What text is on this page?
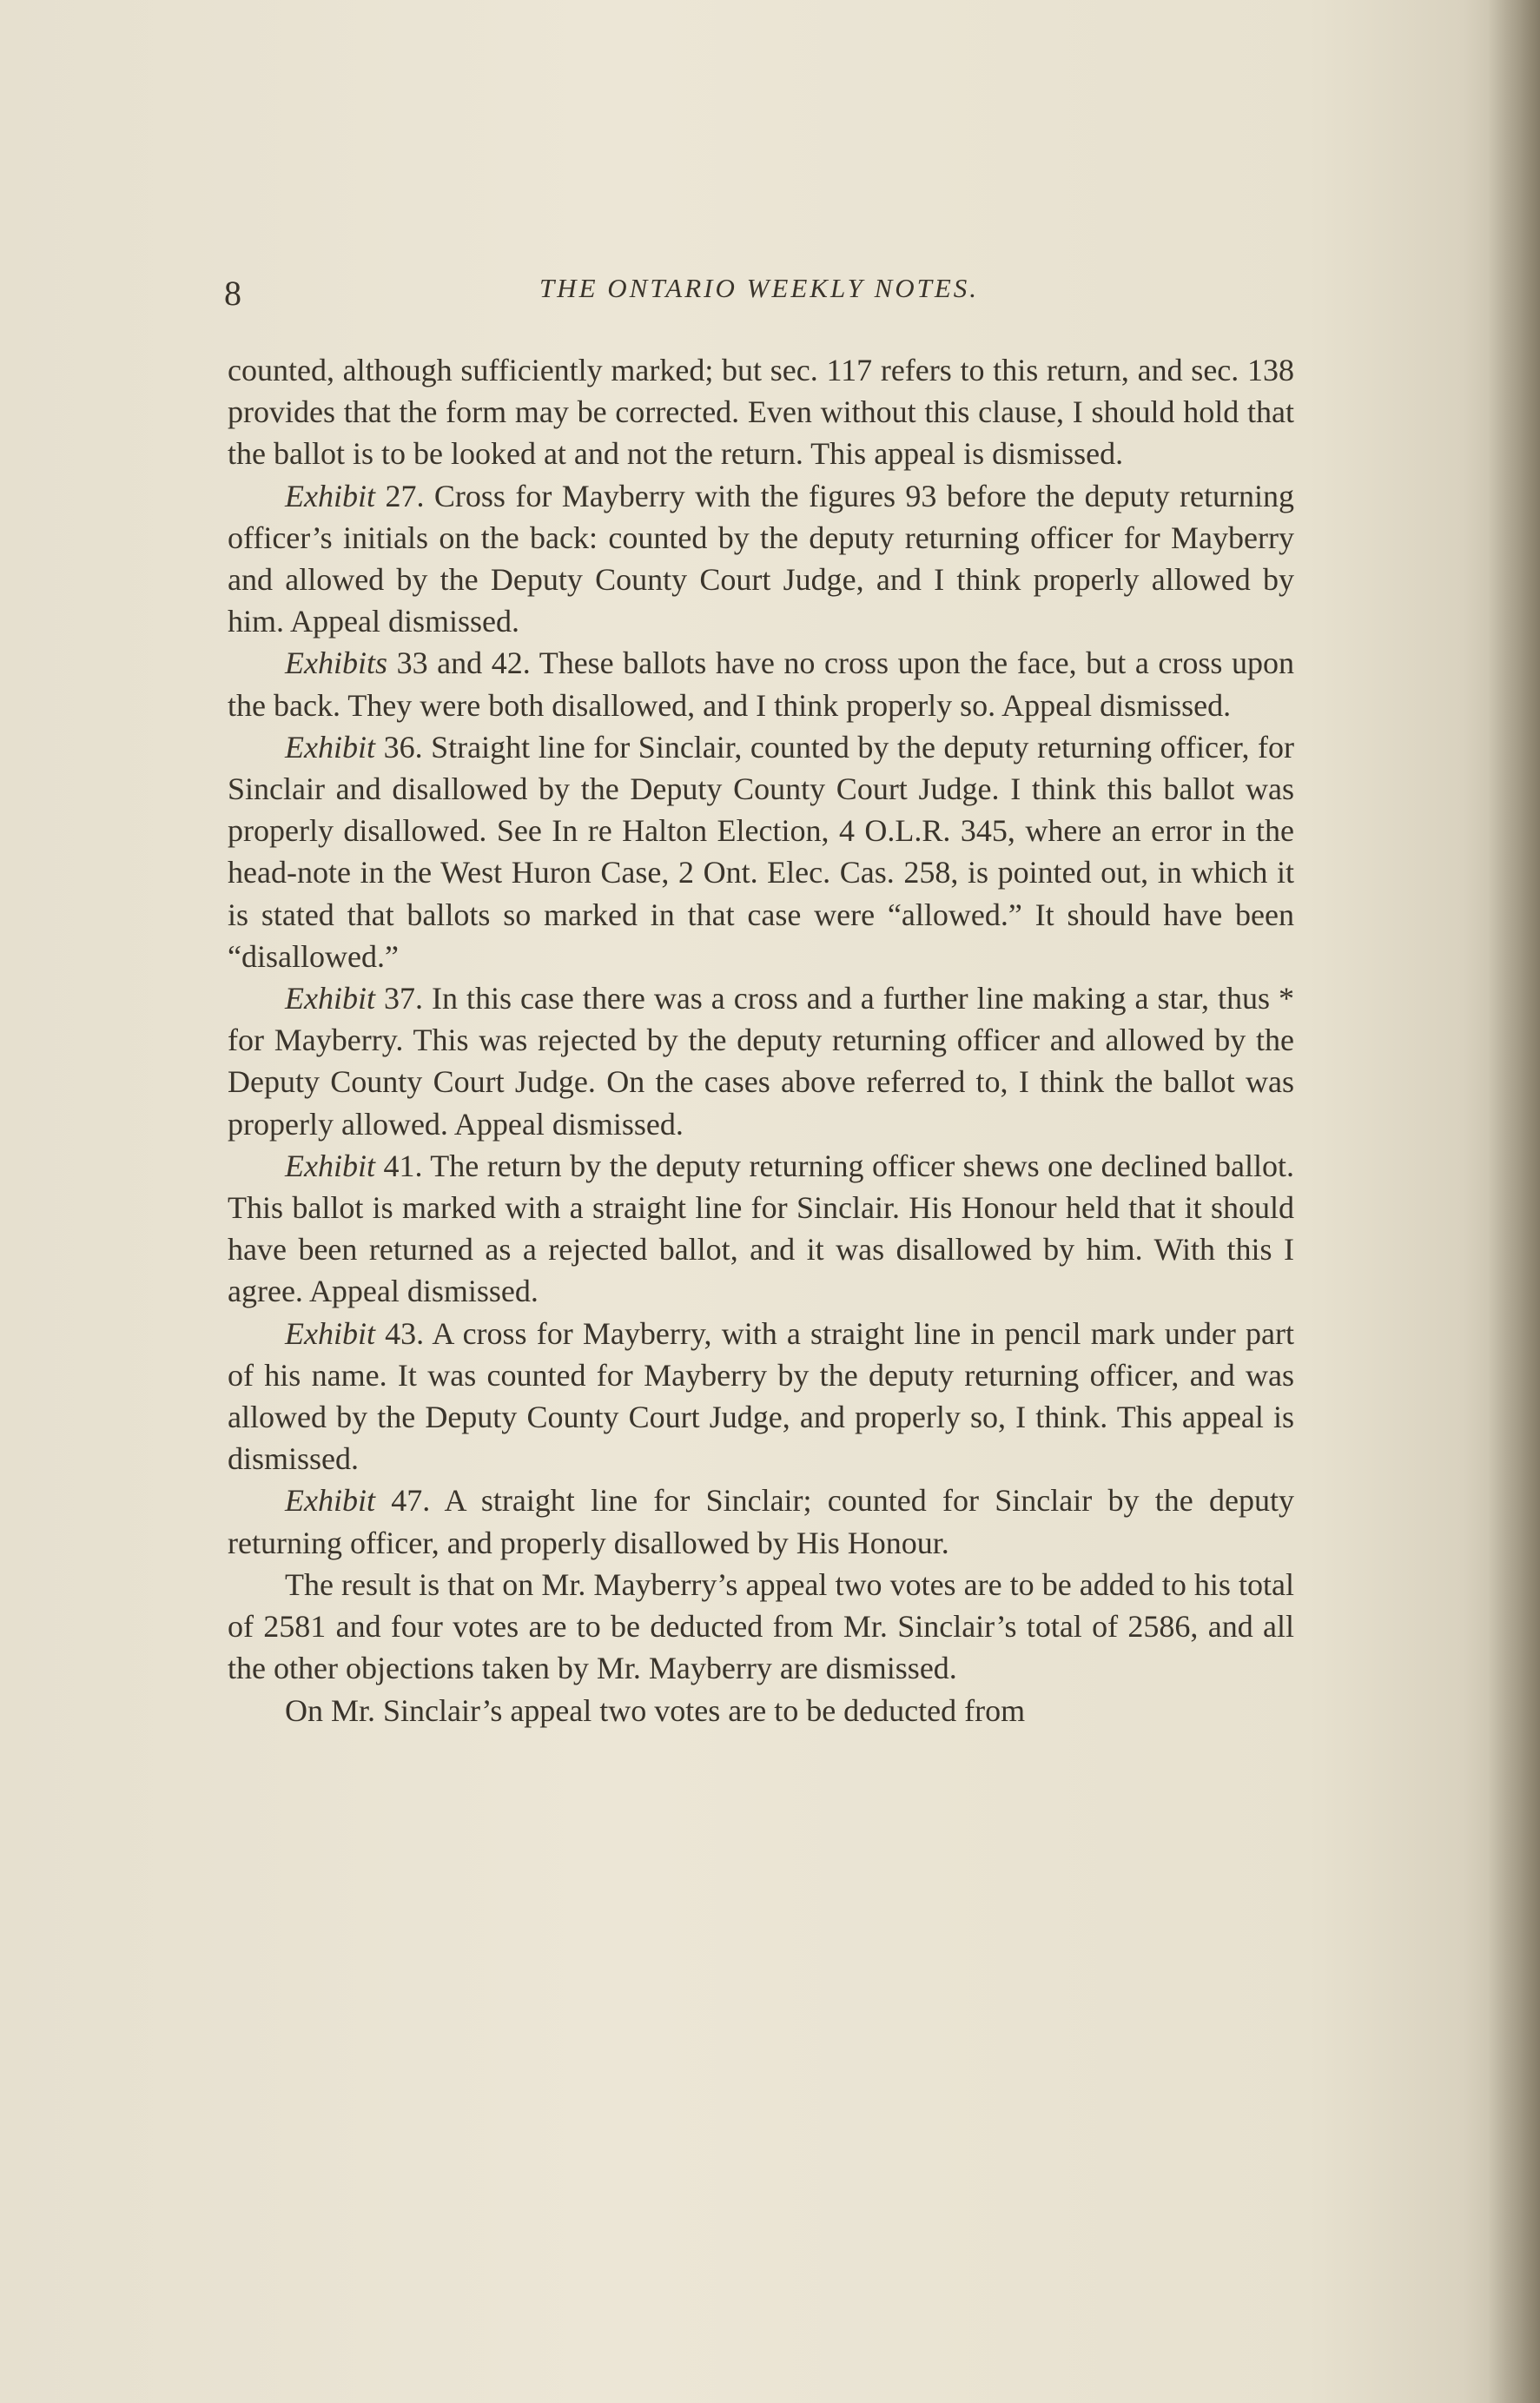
8	THE ONTARIO WEEKLY NOTES.

counted, although sufficiently marked; but sec. 117 refers to this return, and sec. 138 provides that the form may be corrected. Even without this clause, I should hold that the ballot is to be looked at and not the return. This appeal is dismissed.

Exhibit 27. Cross for Mayberry with the figures 93 before the deputy returning officer’s initials on the back: counted by the deputy returning officer for Mayberry and allowed by the Deputy County Court Judge, and I think properly allowed by him. Appeal dismissed.

Exhibits 33 and 42. These ballots have no cross upon the face, but a cross upon the back. They were both disallowed, and I think properly so. Appeal dismissed.

Exhibit 36. Straight line for Sinclair, counted by the deputy returning officer, for Sinclair and disallowed by the Deputy County Court Judge. I think this ballot was properly disallowed. See In re Halton Election, 4 O.L.R. 345, where an error in the head-note in the West Huron Case, 2 Ont. Elec. Cas. 258, is pointed out, in which it is stated that ballots so marked in that case were “allowed.” It should have been “disallowed.”

Exhibit 37. In this case there was a cross and a further line making a star, thus * for Mayberry. This was rejected by the deputy returning officer and allowed by the Deputy County Court Judge. On the cases above referred to, I think the ballot was properly allowed. Appeal dismissed.

Exhibit 41. The return by the deputy returning officer shews one declined ballot. This ballot is marked with a straight line for Sinclair. His Honour held that it should have been returned as a rejected ballot, and it was disallowed by him. With this I agree. Appeal dismissed.

Exhibit 43. A cross for Mayberry, with a straight line in pencil mark under part of his name. It was counted for Mayberry by the deputy returning officer, and was allowed by the Deputy County Court Judge, and properly so, I think. This appeal is dismissed.

Exhibit 47. A straight line for Sinclair; counted for Sinclair by the deputy returning officer, and properly disallowed by His Honour.

The result is that on Mr. Mayberry’s appeal two votes are to be added to his total of 2581 and four votes are to be deducted from Mr. Sinclair’s total of 2586, and all the other objections taken by Mr. Mayberry are dismissed.

On Mr. Sinclair’s appeal two votes are to be deducted from
